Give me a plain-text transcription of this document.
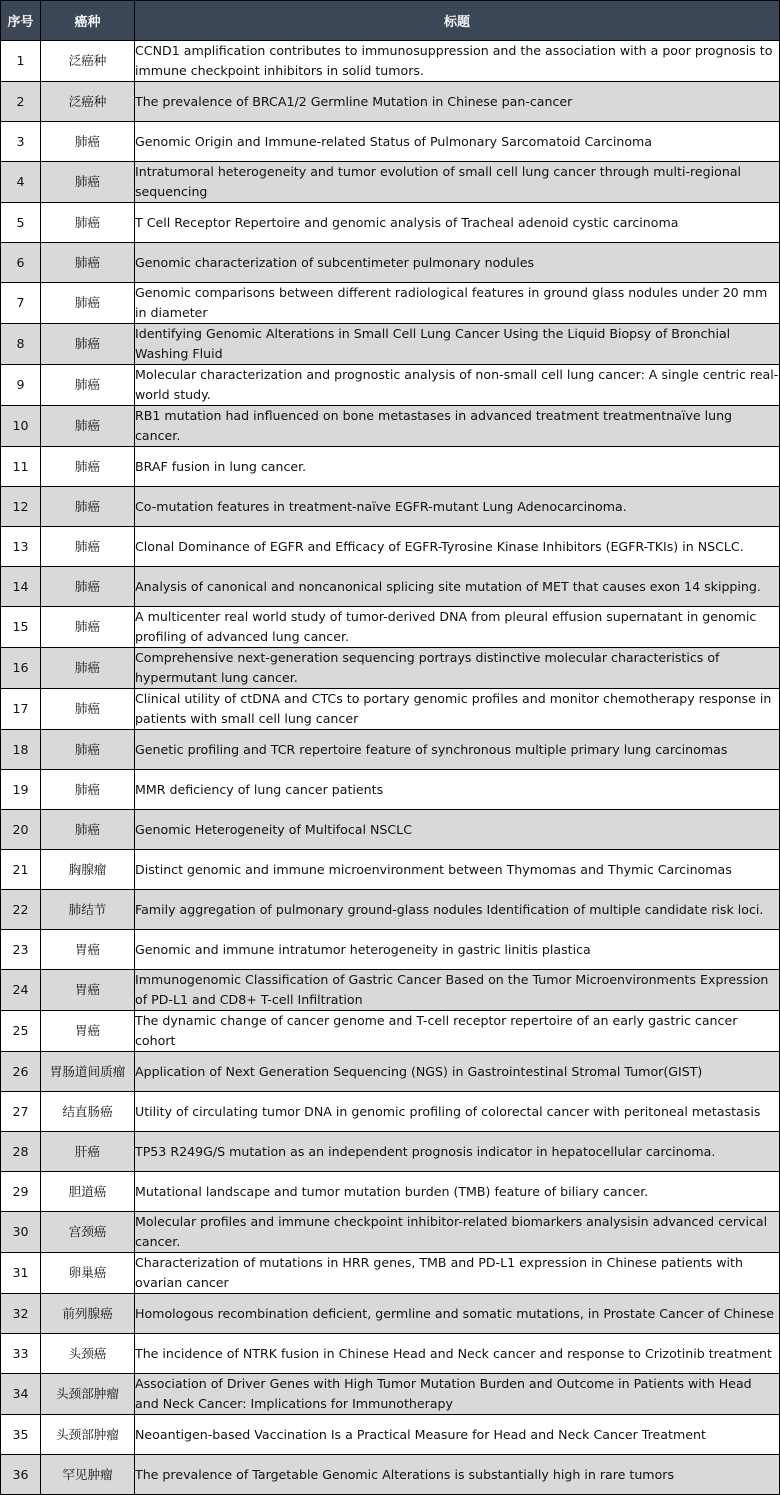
序号	癌种	标题
1	泛癌种	CCND1 amplification contributes to immunosuppression and the association with a poor prognosis to immune checkpoint inhibitors in solid tumors.
2	泛癌种	The prevalence of BRCA1/2 Germline Mutation in Chinese pan-cancer
3	肺癌	Genomic Origin and Immune-related Status of Pulmonary Sarcomatoid Carcinoma
4	肺癌	Intratumoral heterogeneity and tumor evolution of small cell lung cancer through multi-regional sequencing
5	肺癌	T Cell Receptor Repertoire and genomic analysis of Tracheal adenoid cystic carcinoma
6	肺癌	Genomic characterization of subcentimeter pulmonary nodules
7	肺癌	Genomic comparisons between different radiological features in ground glass nodules under 20 mm in diameter
8	肺癌	Identifying Genomic Alterations in Small Cell Lung Cancer Using the Liquid Biopsy of Bronchial Washing Fluid
9	肺癌	Molecular characterization and prognostic analysis of non-small cell lung cancer: A single centric real-world study.
10	肺癌	RB1 mutation had influenced on bone metastases in advanced treatment treatmentnaïve lung cancer.
11	肺癌	BRAF fusion in lung cancer.
12	肺癌	Co-mutation features in treatment-naïve EGFR-mutant Lung Adenocarcinoma.
13	肺癌	Clonal Dominance of EGFR and Efficacy of EGFR-Tyrosine Kinase Inhibitors (EGFR-TKIs) in NSCLC.
14	肺癌	Analysis of canonical and noncanonical splicing site mutation of MET that causes exon 14 skipping.
15	肺癌	A multicenter real world study of tumor-derived DNA from pleural effusion supernatant in genomic profiling of advanced lung cancer.
16	肺癌	Comprehensive next-generation sequencing portrays distinctive molecular characteristics of hypermutant lung cancer.
17	肺癌	Clinical utility of ctDNA and CTCs to portary genomic profiles and monitor chemotherapy response in patients with small cell lung cancer
18	肺癌	Genetic profiling and TCR repertoire feature of synchronous multiple primary lung carcinomas
19	肺癌	MMR deficiency of lung cancer patients
20	肺癌	Genomic Heterogeneity of Multifocal NSCLC
21	胸腺瘤	Distinct genomic and immune microenvironment between Thymomas and Thymic Carcinomas
22	肺结节	Family aggregation of pulmonary ground-glass nodules Identification of multiple candidate risk loci.
23	胃癌	Genomic and immune intratumor heterogeneity in gastric linitis plastica
24	胃癌	Immunogenomic Classification of Gastric Cancer Based on the Tumor Microenvironments Expression of PD-L1 and CD8+ T-cell Infiltration
25	胃癌	The dynamic change of cancer genome and T-cell receptor repertoire of an early gastric cancer cohort
26	胃肠道间质瘤	Application of Next Generation Sequencing (NGS) in Gastrointestinal Stromal Tumor(GIST)
27	结直肠癌	Utility of circulating tumor DNA in genomic profiling of colorectal cancer with peritoneal metastasis
28	肝癌	TP53 R249G/S mutation as an independent prognosis indicator in hepatocellular carcinoma.
29	胆道癌	Mutational landscape and tumor mutation burden (TMB) feature of biliary cancer.
30	宫颈癌	Molecular profiles and immune checkpoint inhibitor-related biomarkers analysisin advanced cervical cancer.
31	卵巢癌	Characterization of mutations in HRR genes, TMB and PD-L1 expression in Chinese patients with ovarian cancer
32	前列腺癌	Homologous recombination deficient, germline and somatic mutations, in Prostate Cancer of Chinese
33	头颈癌	The incidence of NTRK fusion in Chinese Head and Neck cancer and response to Crizotinib treatment
34	头颈部肿瘤	Association of Driver Genes with High Tumor Mutation Burden and Outcome in Patients with Head and Neck Cancer: Implications for Immunotherapy
35	头颈部肿瘤	Neoantigen-based Vaccination Is a Practical Measure for Head and Neck Cancer Treatment
36	罕见肿瘤	The prevalence of Targetable Genomic Alterations is substantially high in rare tumors
